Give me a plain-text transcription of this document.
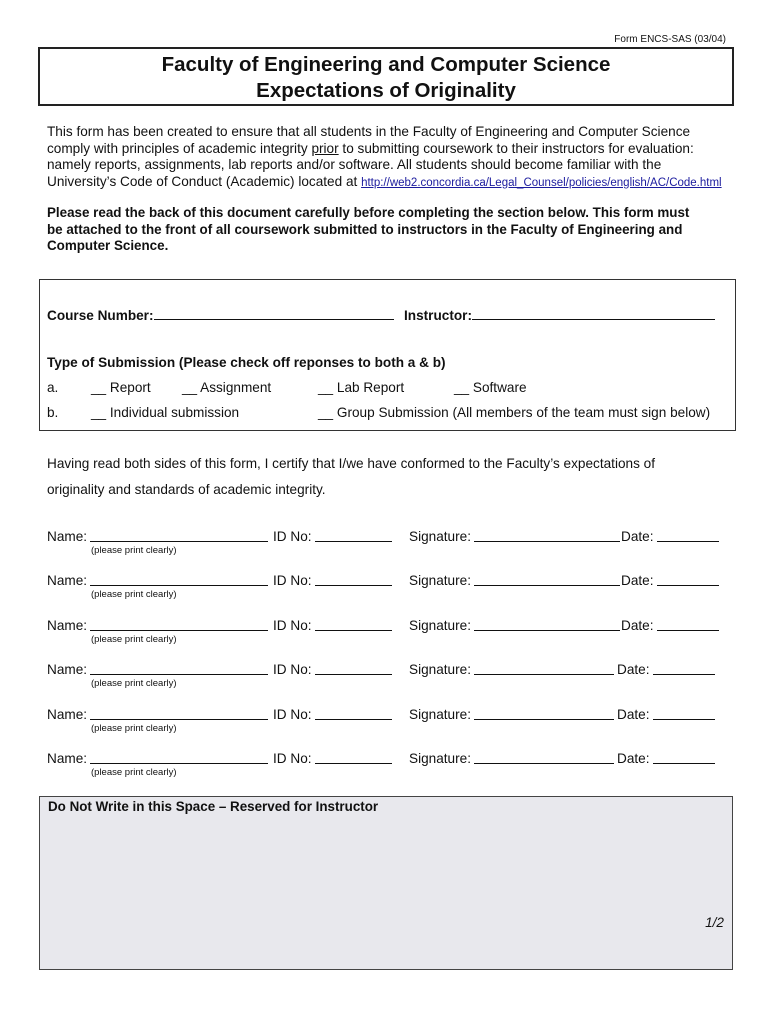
Form ENCS-SAS (03/04)
Faculty of Engineering and Computer Science
Expectations of Originality
This form has been created to ensure that all students in the Faculty of Engineering and Computer Science
comply with principles of academic integrity prior to submitting coursework to their instructors for evaluation:
namely reports, assignments, lab reports and/or software. All students should become familiar with the
University’s Code of Conduct (Academic) located at http://web2.concordia.ca/Legal_Counsel/policies/english/AC/Code.html
Please read the back of this document carefully before completing the section below. This form must
be attached to the front of all coursework submitted to instructors in the Faculty of Engineering and
Computer Science.
Course Number:	Instructor:
Type of Submission (Please check off reponses to both a & b)
a. __ Report __ Assignment	__ Lab Report	__ Software
b. __ Individual submission	__ Group Submission (All members of the team must sign below)
Having read both sides of this form, I certify that I/we have conformed to the Faculty’s expectations of
originality and standards of academic integrity.
Name:
(please print clearly)
ID No:	Signature:	Date:
Name:
(please print clearly)
ID No:	Signature:	Date:
Name:
(please print clearly)
ID No:	Signature:	Date:
Name:
(please print clearly)
ID No:	Signature:	Date:
Name:
(please print clearly)
ID No:	Signature:	Date:
Name:
(please print clearly)
ID No:	Signature:	Date:
Do Not Write in this Space – Reserved for Instructor
1/2
